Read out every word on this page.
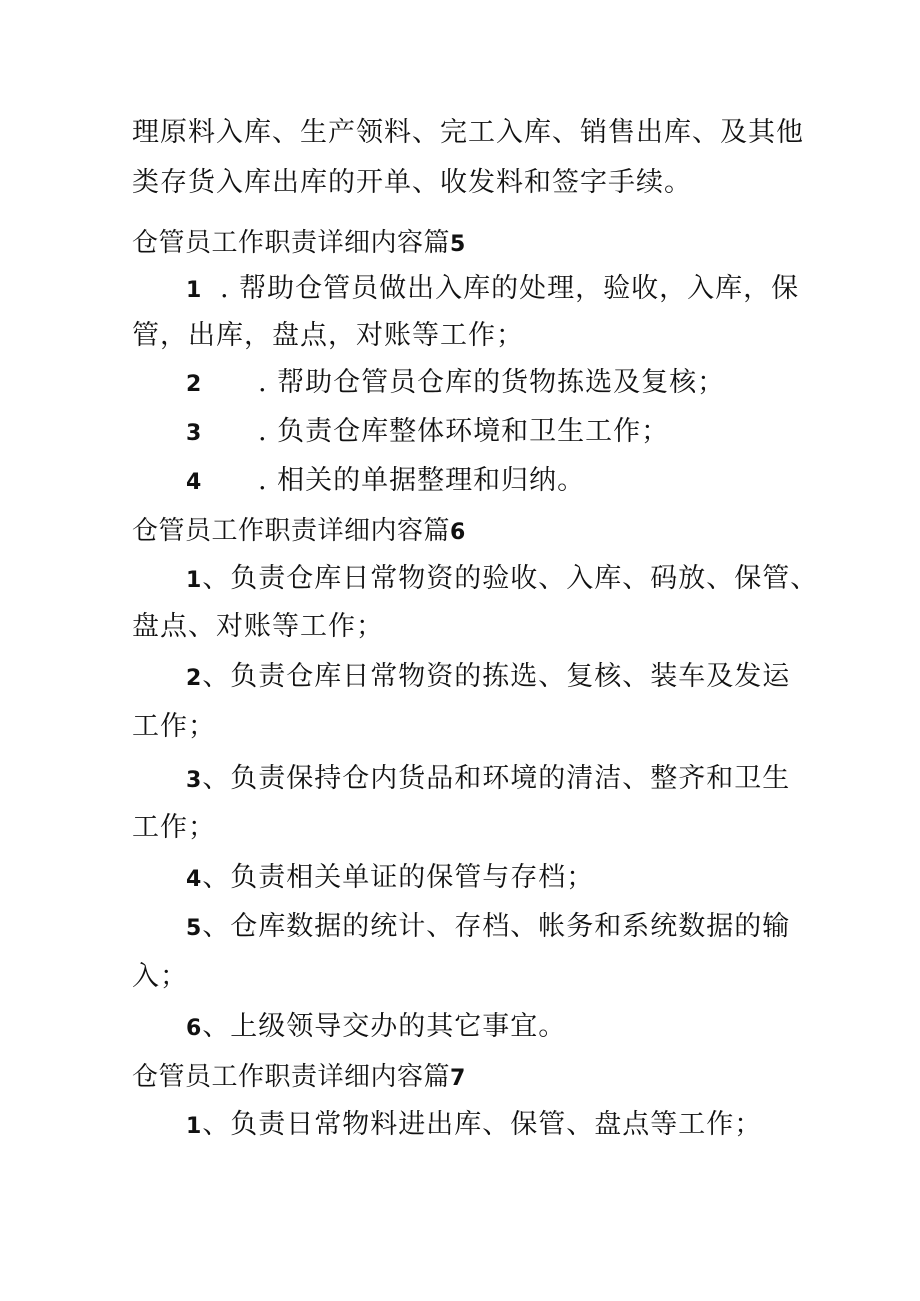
理原料入库、生产领料、完工入库、销售出库、及其他
类存货入库出库的开单、收发料和签字手续。
仓管员工作职责详细内容篇5
1 . 帮助仓管员做出入库的处理，验收，入库，保
管，出库，盘点，对账等工作；
2 . 帮助仓管员仓库的货物拣选及复核；
3 . 负责仓库整体环境和卫生工作；
4 . 相关的单据整理和归纳。
仓管员工作职责详细内容篇6
1、负责仓库日常物资的验收、入库、码放、保管、
盘点、对账等工作；
2、负责仓库日常物资的拣选、复核、装车及发运
工作；
3、负责保持仓内货品和环境的清洁、整齐和卫生
工作；
4、负责相关单证的保管与存档；
5、仓库数据的统计、存档、帐务和系统数据的输
入；
6、上级领导交办的其它事宜。
仓管员工作职责详细内容篇7
1、负责日常物料进出库、保管、盘点等工作；
